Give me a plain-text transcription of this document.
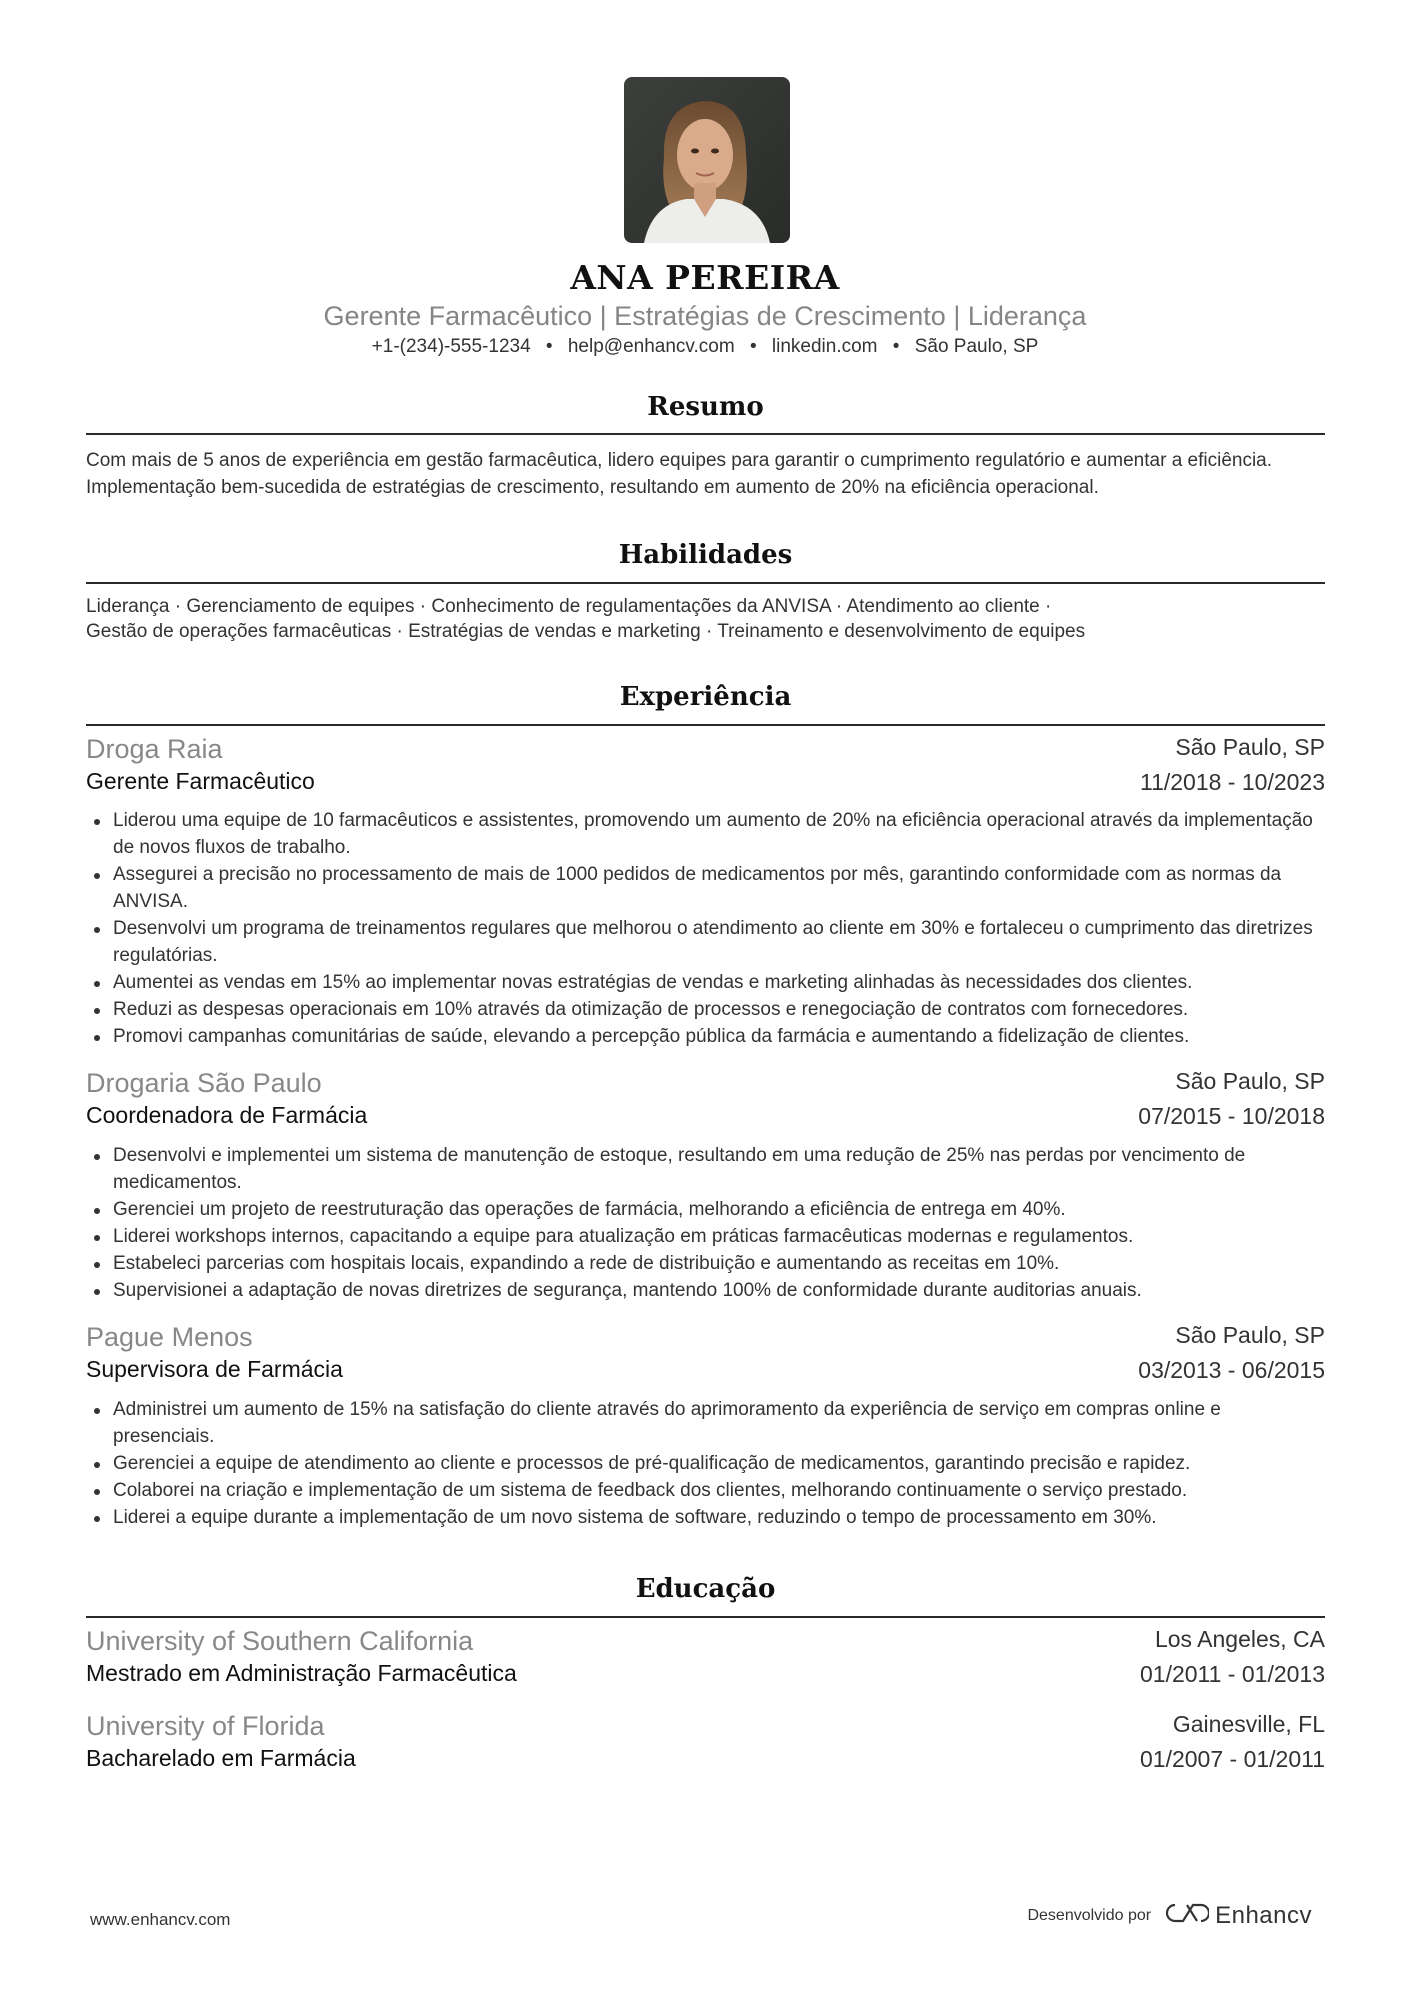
ANA PEREIRA
Gerente Farmacêutico | Estratégias de Crescimento | Liderança
+1-(234)-555-1234 • help@enhancv.com • linkedin.com • São Paulo, SP
Resumo
Com mais de 5 anos de experiência em gestão farmacêutica, lidero equipes para garantir o cumprimento regulatório e aumentar a eficiência. Implementação bem-sucedida de estratégias de crescimento, resultando em aumento de 20% na eficiência operacional.
Habilidades
Liderança · Gerenciamento de equipes · Conhecimento de regulamentações da ANVISA · Atendimento ao cliente ·
Gestão de operações farmacêuticas · Estratégias de vendas e marketing · Treinamento e desenvolvimento de equipes
Experiência
Droga Raia	São Paulo, SP
Gerente Farmacêutico	11/2018 - 10/2023
Liderou uma equipe de 10 farmacêuticos e assistentes, promovendo um aumento de 20% na eficiência operacional através da implementação de novos fluxos de trabalho.
Assegurei a precisão no processamento de mais de 1000 pedidos de medicamentos por mês, garantindo conformidade com as normas da ANVISA.
Desenvolvi um programa de treinamentos regulares que melhorou o atendimento ao cliente em 30% e fortaleceu o cumprimento das diretrizes regulatórias.
Aumentei as vendas em 15% ao implementar novas estratégias de vendas e marketing alinhadas às necessidades dos clientes.
Reduzi as despesas operacionais em 10% através da otimização de processos e renegociação de contratos com fornecedores.
Promovi campanhas comunitárias de saúde, elevando a percepção pública da farmácia e aumentando a fidelização de clientes.
Drogaria São Paulo	São Paulo, SP
Coordenadora de Farmácia	07/2015 - 10/2018
Desenvolvi e implementei um sistema de manutenção de estoque, resultando em uma redução de 25% nas perdas por vencimento de medicamentos.
Gerenciei um projeto de reestruturação das operações de farmácia, melhorando a eficiência de entrega em 40%.
Liderei workshops internos, capacitando a equipe para atualização em práticas farmacêuticas modernas e regulamentos.
Estabeleci parcerias com hospitais locais, expandindo a rede de distribuição e aumentando as receitas em 10%.
Supervisionei a adaptação de novas diretrizes de segurança, mantendo 100% de conformidade durante auditorias anuais.
Pague Menos	São Paulo, SP
Supervisora de Farmácia	03/2013 - 06/2015
Administrei um aumento de 15% na satisfação do cliente através do aprimoramento da experiência de serviço em compras online e presenciais.
Gerenciei a equipe de atendimento ao cliente e processos de pré-qualificação de medicamentos, garantindo precisão e rapidez.
Colaborei na criação e implementação de um sistema de feedback dos clientes, melhorando continuamente o serviço prestado.
Liderei a equipe durante a implementação de um novo sistema de software, reduzindo o tempo de processamento em 30%.
Educação
University of Southern California	Los Angeles, CA
Mestrado em Administração Farmacêutica	01/2011 - 01/2013
University of Florida	Gainesville, FL
Bacharelado em Farmácia	01/2007 - 01/2011
www.enhancv.com	Desenvolvido por	Enhancv
